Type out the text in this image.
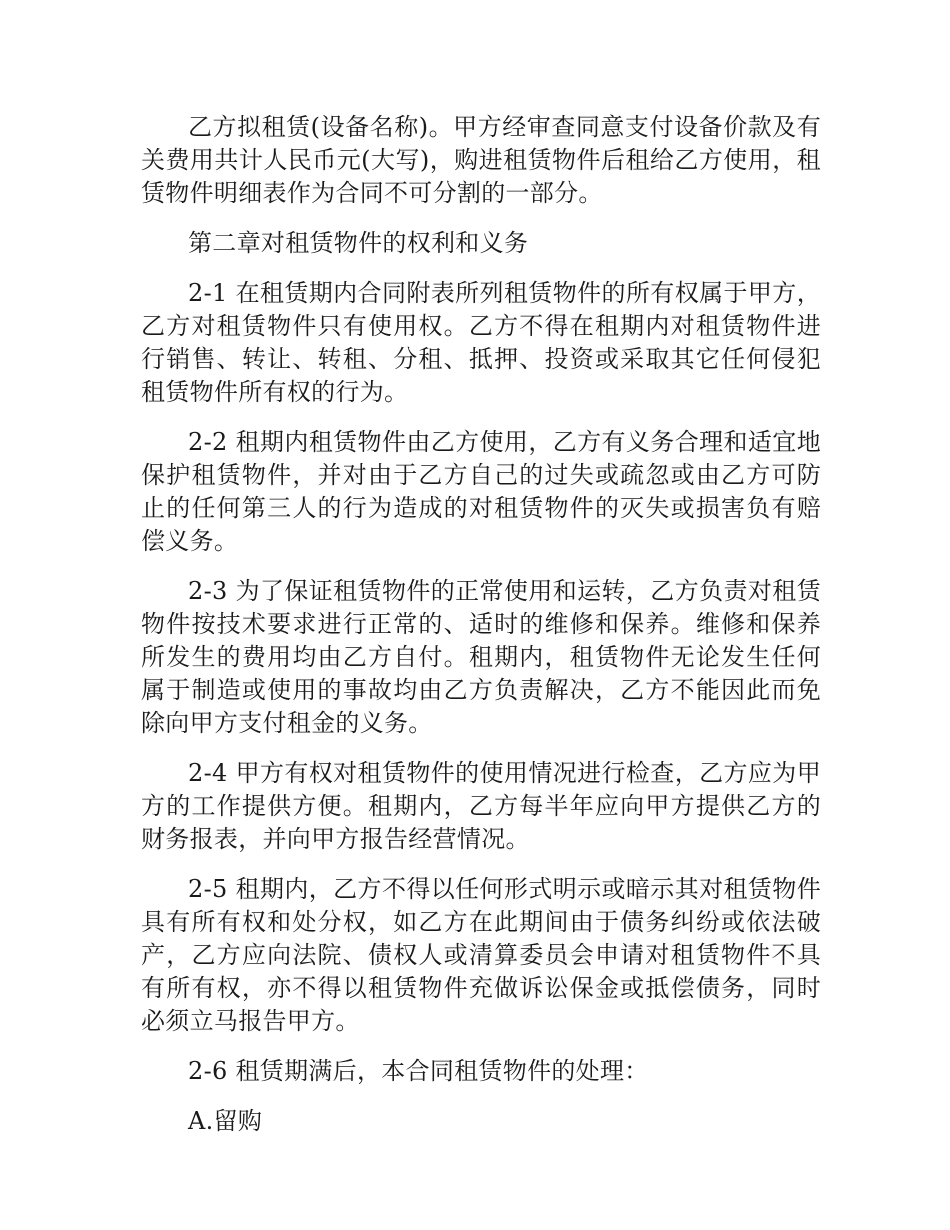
乙方拟租赁(设备名称)。甲方经审查同意支付设备价款及有关费用共计人民币元(大写)，购进租赁物件后租给乙方使用，租赁物件明细表作为合同不可分割的一部分。

第二章对租赁物件的权利和义务

2-1 在租赁期内合同附表所列租赁物件的所有权属于甲方，乙方对租赁物件只有使用权。乙方不得在租期内对租赁物件进行销售、转让、转租、分租、抵押、投资或采取其它任何侵犯租赁物件所有权的行为。

2-2 租期内租赁物件由乙方使用，乙方有义务合理和适宜地保护租赁物件，并对由于乙方自己的过失或疏忽或由乙方可防止的任何第三人的行为造成的对租赁物件的灭失或损害负有赔偿义务。

2-3 为了保证租赁物件的正常使用和运转，乙方负责对租赁物件按技术要求进行正常的、适时的维修和保养。维修和保养所发生的费用均由乙方自付。租期内，租赁物件无论发生任何属于制造或使用的事故均由乙方负责解决，乙方不能因此而免除向甲方支付租金的义务。

2-4 甲方有权对租赁物件的使用情况进行检查，乙方应为甲方的工作提供方便。租期内，乙方每半年应向甲方提供乙方的财务报表，并向甲方报告经营情况。

2-5 租期内，乙方不得以任何形式明示或暗示其对租赁物件具有所有权和处分权，如乙方在此期间由于债务纠纷或依法破产，乙方应向法院、债权人或清算委员会申请对租赁物件不具有所有权，亦不得以租赁物件充做诉讼保金或抵偿债务，同时必须立马报告甲方。

2-6 租赁期满后，本合同租赁物件的处理：

A.留购
